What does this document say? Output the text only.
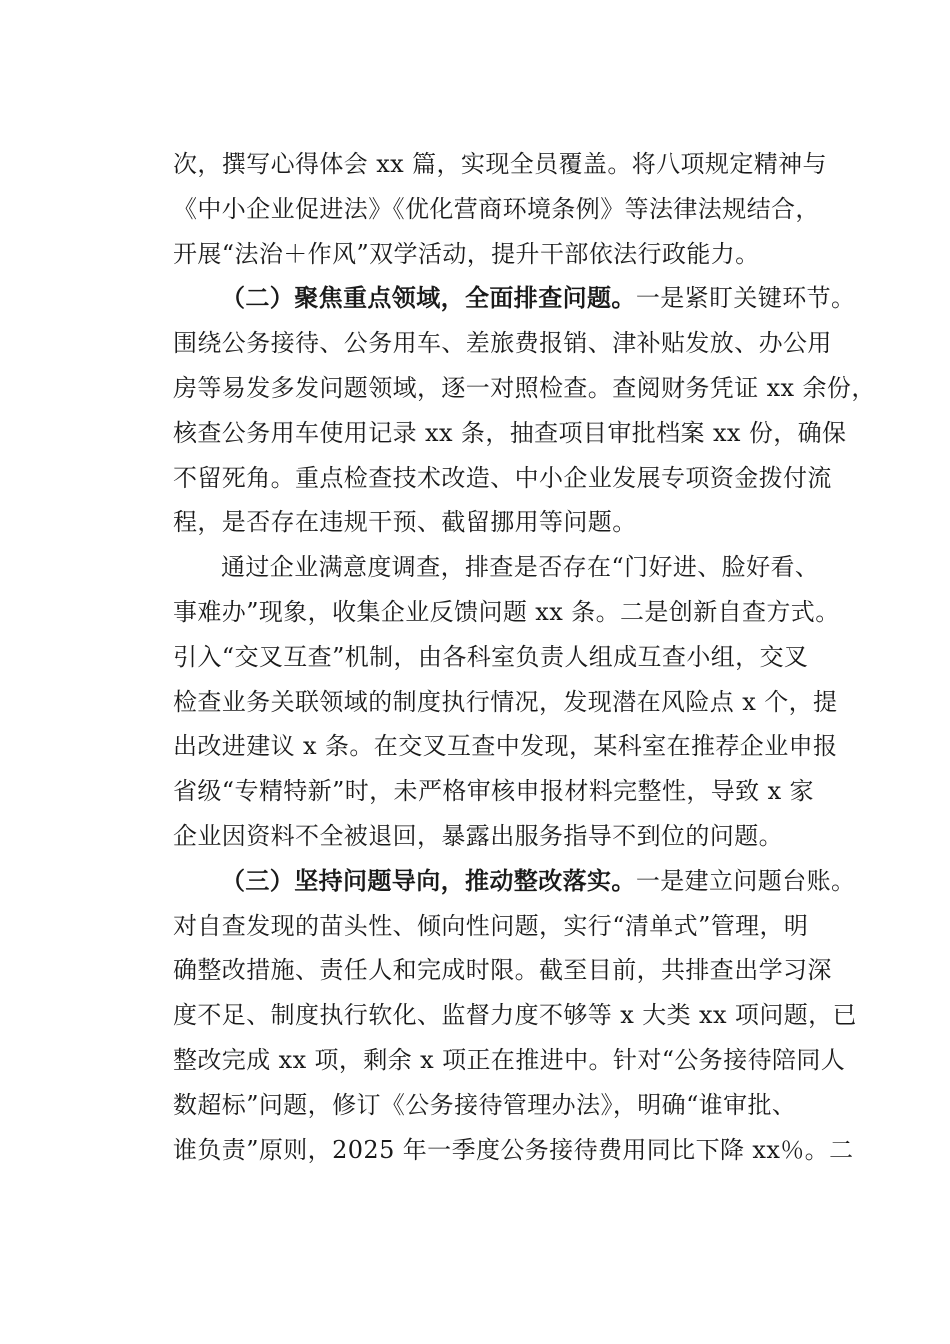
次，撰写心得体会 xx 篇，实现全员覆盖。将八项规定精神与
《中小企业促进法》《优化营商环境条例》等法律法规结合，
开展“法治＋作风”双学活动，提升干部依法行政能力。
（二）聚焦重点领域，全面排查问题。一是紧盯关键环节。
围绕公务接待、公务用车、差旅费报销、津补贴发放、办公用
房等易发多发问题领域，逐一对照检查。查阅财务凭证 xx 余份，
核查公务用车使用记录 xx 条，抽查项目审批档案 xx 份，确保
不留死角。重点检查技术改造、中小企业发展专项资金拨付流
程，是否存在违规干预、截留挪用等问题。
通过企业满意度调查，排查是否存在“门好进、脸好看、
事难办”现象，收集企业反馈问题 xx 条。二是创新自查方式。
引入“交叉互查”机制，由各科室负责人组成互查小组，交叉
检查业务关联领域的制度执行情况，发现潜在风险点 x 个，提
出改进建议 x 条。在交叉互查中发现，某科室在推荐企业申报
省级“专精特新”时，未严格审核申报材料完整性，导致 x 家
企业因资料不全被退回，暴露出服务指导不到位的问题。
（三）坚持问题导向，推动整改落实。一是建立问题台账。
对自查发现的苗头性、倾向性问题，实行“清单式”管理，明
确整改措施、责任人和完成时限。截至目前，共排查出学习深
度不足、制度执行软化、监督力度不够等 x 大类 xx 项问题，已
整改完成 xx 项，剩余 x 项正在推进中。针对“公务接待陪同人
数超标”问题，修订《公务接待管理办法》，明确“谁审批、
谁负责”原则，2025 年一季度公务接待费用同比下降 xx％。二
